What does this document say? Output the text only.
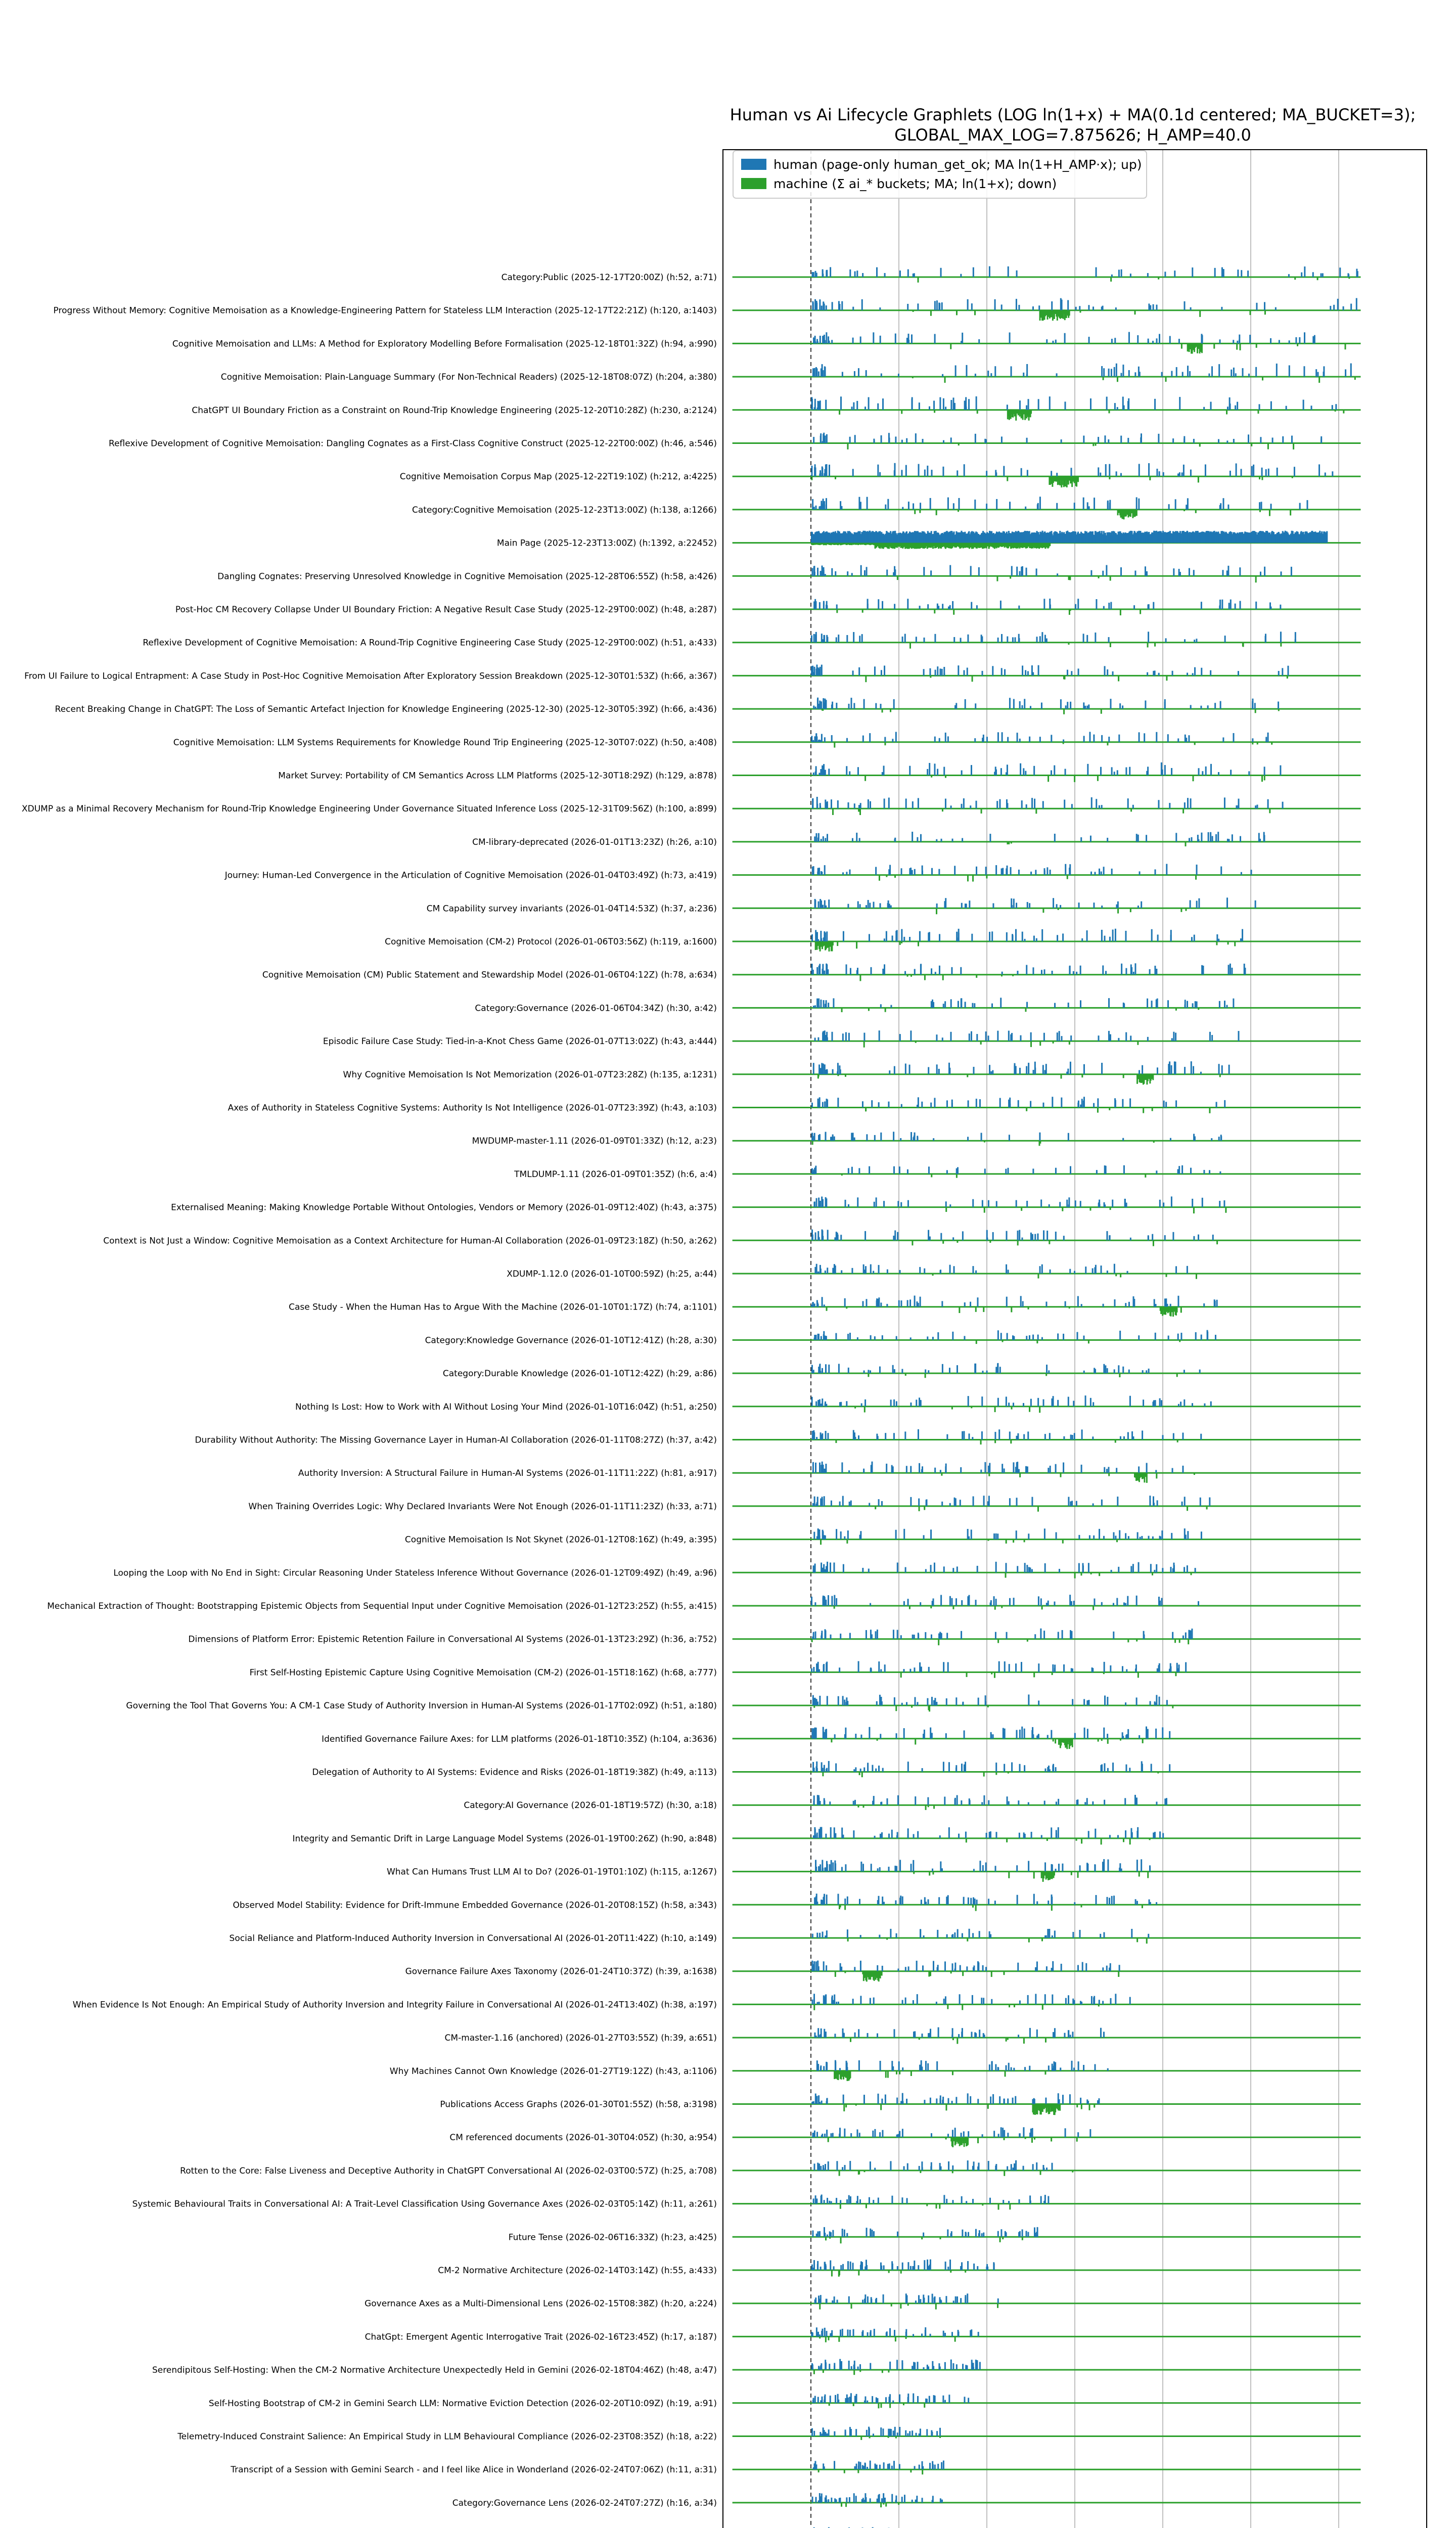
Human vs Ai Lifecycle Graphlets (LOG ln(1+x) + MA(0.1d centered; MA_BUCKET=3);
GLOBAL_MAX_LOG=7.875626; H_AMP=40.0
Category:Public (2025-12-17T20:00Z) (h:52, a:71)
Progress Without Memory: Cognitive Memoisation as a Knowledge-Engineering Pattern for Stateless LLM Interaction (2025-12-17T22:21Z) (h:120, a:1403)
Cognitive Memoisation and LLMs: A Method for Exploratory Modelling Before Formalisation (2025-12-18T01:32Z) (h:94, a:990)
Cognitive Memoisation: Plain-Language Summary (For Non-Technical Readers) (2025-12-18T08:07Z) (h:204, a:380)
ChatGPT UI Boundary Friction as a Constraint on Round-Trip Knowledge Engineering (2025-12-20T10:28Z) (h:230, a:2124)
Reflexive Development of Cognitive Memoisation: Dangling Cognates as a First-Class Cognitive Construct (2025-12-22T00:00Z) (h:46, a:546)
Cognitive Memoisation Corpus Map (2025-12-22T19:10Z) (h:212, a:4225)
Category:Cognitive Memoisation (2025-12-23T13:00Z) (h:138, a:1266)
Main Page (2025-12-23T13:00Z) (h:1392, a:22452)
Dangling Cognates: Preserving Unresolved Knowledge in Cognitive Memoisation (2025-12-28T06:55Z) (h:58, a:426)
Post-Hoc CM Recovery Collapse Under UI Boundary Friction: A Negative Result Case Study (2025-12-29T00:00Z) (h:48, a:287)
Reflexive Development of Cognitive Memoisation: A Round-Trip Cognitive Engineering Case Study (2025-12-29T00:00Z) (h:51, a:433)
From UI Failure to Logical Entrapment: A Case Study in Post-Hoc Cognitive Memoisation After Exploratory Session Breakdown (2025-12-30T01:53Z) (h:66, a:367)
Recent Breaking Change in ChatGPT: The Loss of Semantic Artefact Injection for Knowledge Engineering (2025-12-30) (2025-12-30T05:39Z) (h:66, a:436)
Cognitive Memoisation: LLM Systems Requirements for Knowledge Round Trip Engineering (2025-12-30T07:02Z) (h:50, a:408)
Market Survey: Portability of CM Semantics Across LLM Platforms (2025-12-30T18:29Z) (h:129, a:878)
XDUMP as a Minimal Recovery Mechanism for Round-Trip Knowledge Engineering Under Governance Situated Inference Loss (2025-12-31T09:56Z) (h:100, a:899)
CM-library-deprecated (2026-01-01T13:23Z) (h:26, a:10)
Journey: Human-Led Convergence in the Articulation of Cognitive Memoisation (2026-01-04T03:49Z) (h:73, a:419)
CM Capability survey invariants (2026-01-04T14:53Z) (h:37, a:236)
Cognitive Memoisation (CM-2) Protocol (2026-01-06T03:56Z) (h:119, a:1600)
Cognitive Memoisation (CM) Public Statement and Stewardship Model (2026-01-06T04:12Z) (h:78, a:634)
Category:Governance (2026-01-06T04:34Z) (h:30, a:42)
Episodic Failure Case Study: Tied-in-a-Knot Chess Game (2026-01-07T13:02Z) (h:43, a:444)
Why Cognitive Memoisation Is Not Memorization (2026-01-07T23:28Z) (h:135, a:1231)
Axes of Authority in Stateless Cognitive Systems: Authority Is Not Intelligence (2026-01-07T23:39Z) (h:43, a:103)
MWDUMP-master-1.11 (2026-01-09T01:33Z) (h:12, a:23)
TMLDUMP-1.11 (2026-01-09T01:35Z) (h:6, a:4)
Externalised Meaning: Making Knowledge Portable Without Ontologies, Vendors or Memory (2026-01-09T12:40Z) (h:43, a:375)
Context is Not Just a Window: Cognitive Memoisation as a Context Architecture for Human-AI Collaboration (2026-01-09T23:18Z) (h:50, a:262)
XDUMP-1.12.0 (2026-01-10T00:59Z) (h:25, a:44)
Case Study - When the Human Has to Argue With the Machine (2026-01-10T01:17Z) (h:74, a:1101)
Category:Knowledge Governance (2026-01-10T12:41Z) (h:28, a:30)
Category:Durable Knowledge (2026-01-10T12:42Z) (h:29, a:86)
Nothing Is Lost: How to Work with AI Without Losing Your Mind (2026-01-10T16:04Z) (h:51, a:250)
Durability Without Authority: The Missing Governance Layer in Human-AI Collaboration (2026-01-11T08:27Z) (h:37, a:42)
Authority Inversion: A Structural Failure in Human-AI Systems (2026-01-11T11:22Z) (h:81, a:917)
When Training Overrides Logic: Why Declared Invariants Were Not Enough (2026-01-11T11:23Z) (h:33, a:71)
Cognitive Memoisation Is Not Skynet (2026-01-12T08:16Z) (h:49, a:395)
Looping the Loop with No End in Sight: Circular Reasoning Under Stateless Inference Without Governance (2026-01-12T09:49Z) (h:49, a:96)
Mechanical Extraction of Thought: Bootstrapping Epistemic Objects from Sequential Input under Cognitive Memoisation (2026-01-12T23:25Z) (h:55, a:415)
Dimensions of Platform Error: Epistemic Retention Failure in Conversational AI Systems (2026-01-13T23:29Z) (h:36, a:752)
First Self-Hosting Epistemic Capture Using Cognitive Memoisation (CM-2) (2026-01-15T18:16Z) (h:68, a:777)
Governing the Tool That Governs You: A CM-1 Case Study of Authority Inversion in Human-AI Systems (2026-01-17T02:09Z) (h:51, a:180)
Identified Governance Failure Axes: for LLM platforms (2026-01-18T10:35Z) (h:104, a:3636)
Delegation of Authority to AI Systems: Evidence and Risks (2026-01-18T19:38Z) (h:49, a:113)
Category:AI Governance (2026-01-18T19:57Z) (h:30, a:18)
Integrity and Semantic Drift in Large Language Model Systems (2026-01-19T00:26Z) (h:90, a:848)
What Can Humans Trust LLM AI to Do? (2026-01-19T01:10Z) (h:115, a:1267)
Observed Model Stability: Evidence for Drift-Immune Embedded Governance (2026-01-20T08:15Z) (h:58, a:343)
Social Reliance and Platform-Induced Authority Inversion in Conversational AI (2026-01-20T11:42Z) (h:10, a:149)
Governance Failure Axes Taxonomy (2026-01-24T10:37Z) (h:39, a:1638)
When Evidence Is Not Enough: An Empirical Study of Authority Inversion and Integrity Failure in Conversational AI (2026-01-24T13:40Z) (h:38, a:197)
CM-master-1.16 (anchored) (2026-01-27T03:55Z) (h:39, a:651)
Why Machines Cannot Own Knowledge (2026-01-27T19:12Z) (h:43, a:1106)
Publications Access Graphs (2026-01-30T01:55Z) (h:58, a:3198)
CM referenced documents (2026-01-30T04:05Z) (h:30, a:954)
Rotten to the Core: False Liveness and Deceptive Authority in ChatGPT Conversational AI (2026-02-03T00:57Z) (h:25, a:708)
Systemic Behavioural Traits in Conversational AI: A Trait-Level Classification Using Governance Axes (2026-02-03T05:14Z) (h:11, a:261)
Future Tense (2026-02-06T16:33Z) (h:23, a:425)
CM-2 Normative Architecture (2026-02-14T03:14Z) (h:55, a:433)
Governance Axes as a Multi-Dimensional Lens (2026-02-15T08:38Z) (h:20, a:224)
ChatGpt: Emergent Agentic Interrogative Trait (2026-02-16T23:45Z) (h:17, a:187)
Serendipitous Self-Hosting: When the CM-2 Normative Architecture Unexpectedly Held in Gemini (2026-02-18T04:46Z) (h:48, a:47)
Self-Hosting Bootstrap of CM-2 in Gemini Search LLM: Normative Eviction Detection (2026-02-20T10:09Z) (h:19, a:91)
Telemetry-Induced Constraint Salience: An Empirical Study in LLM Behavioural Compliance (2026-02-23T08:35Z) (h:18, a:22)
Transcript of a Session with Gemini Search - and I feel like Alice in Wonderland (2026-02-24T07:06Z) (h:11, a:31)
Category:Governance Lens (2026-02-24T07:27Z) (h:16, a:34)
human (page-only human_get_ok; MA ln(1+H_AMP·x); up)
machine (Σ ai_* buckets; MA; ln(1+x); down)
